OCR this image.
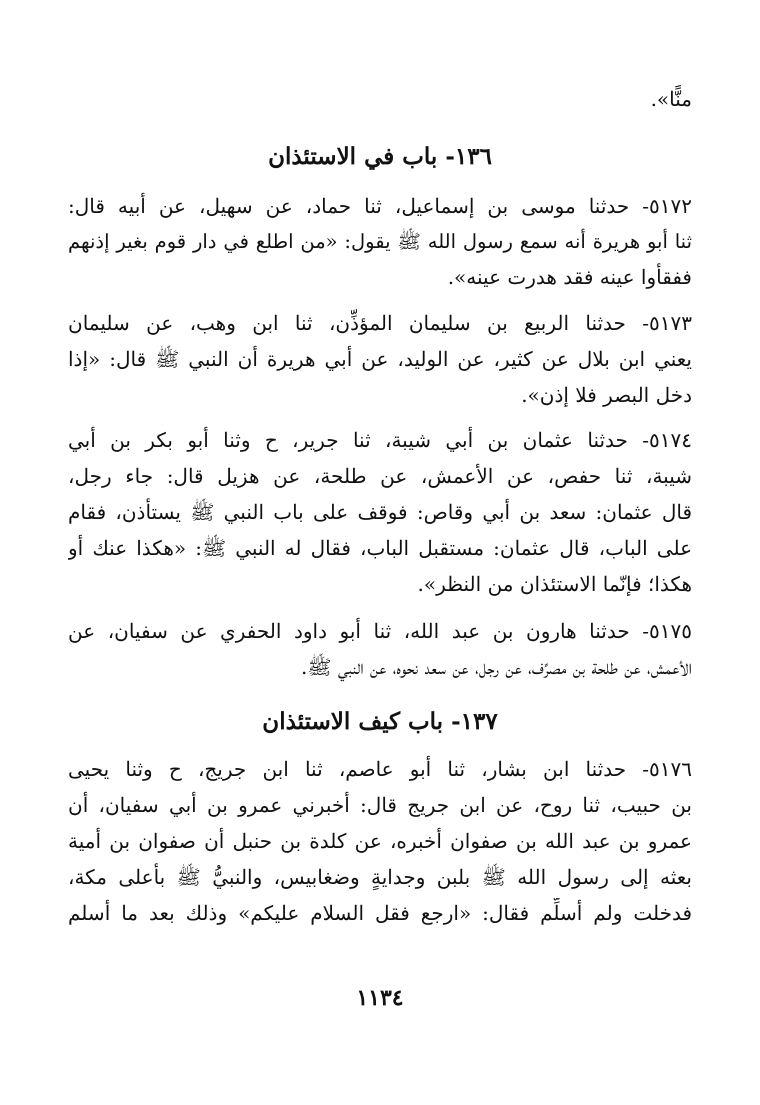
منًّا».
١٣٦- باب في الاستئذان
٥١٧٢- حدثنا موسى بن إسماعيل، ثنا حماد، عن سهيل، عن أبيه قال:
ثنا أبو هريرة أنه سمع رسول الله ﷺ يقول: «من اطلع في دار قوم بغير إذنهم
ففقأوا عينه فقد هدرت عينه».
٥١٧٣- حدثنا الربيع بن سليمان المؤذِّن، ثنا ابن وهب، عن سليمان
يعني ابن بلال عن كثير، عن الوليد، عن أبي هريرة أن النبي ﷺ قال: «إذا
دخل البصر فلا إذن».
٥١٧٤- حدثنا عثمان بن أبي شيبة، ثنا جرير، ح وثنا أبو بكر بن أبي
شيبة، ثنا حفص، عن الأعمش، عن طلحة، عن هزيل قال: جاء رجل،
قال عثمان: سعد بن أبي وقاص: فوقف على باب النبي ﷺ يستأذن، فقام
على الباب، قال عثمان: مستقبل الباب، فقال له النبي ﷺ: «هكذا عنك أو
هكذا؛ فإنّما الاستئذان من النظر».
٥١٧٥- حدثنا هارون بن عبد الله، ثنا أبو داود الحفري عن سفيان، عن
الأعمش، عن طلحة بن مصرِّف، عن رجل، عن سعد نحوه، عن النبي ﷺ.
١٣٧- باب كيف الاستئذان
٥١٧٦- حدثنا ابن بشار، ثنا أبو عاصم، ثنا ابن جريج، ح وثنا يحيى
بن حبيب، ثنا روح، عن ابن جريج قال: أخبرني عمرو بن أبي سفيان، أن
عمرو بن عبد الله بن صفوان أخبره، عن كلدة بن حنبل أن صفوان بن أمية
بعثه إلى رسول الله ﷺ بلبن وجدايةٍ وضغابيس، والنبيُّ ﷺ بأعلى مكة،
فدخلت ولم أسلِّم فقال: «ارجع فقل السلام عليكم» وذلك بعد ما أسلم
١١٣٤
